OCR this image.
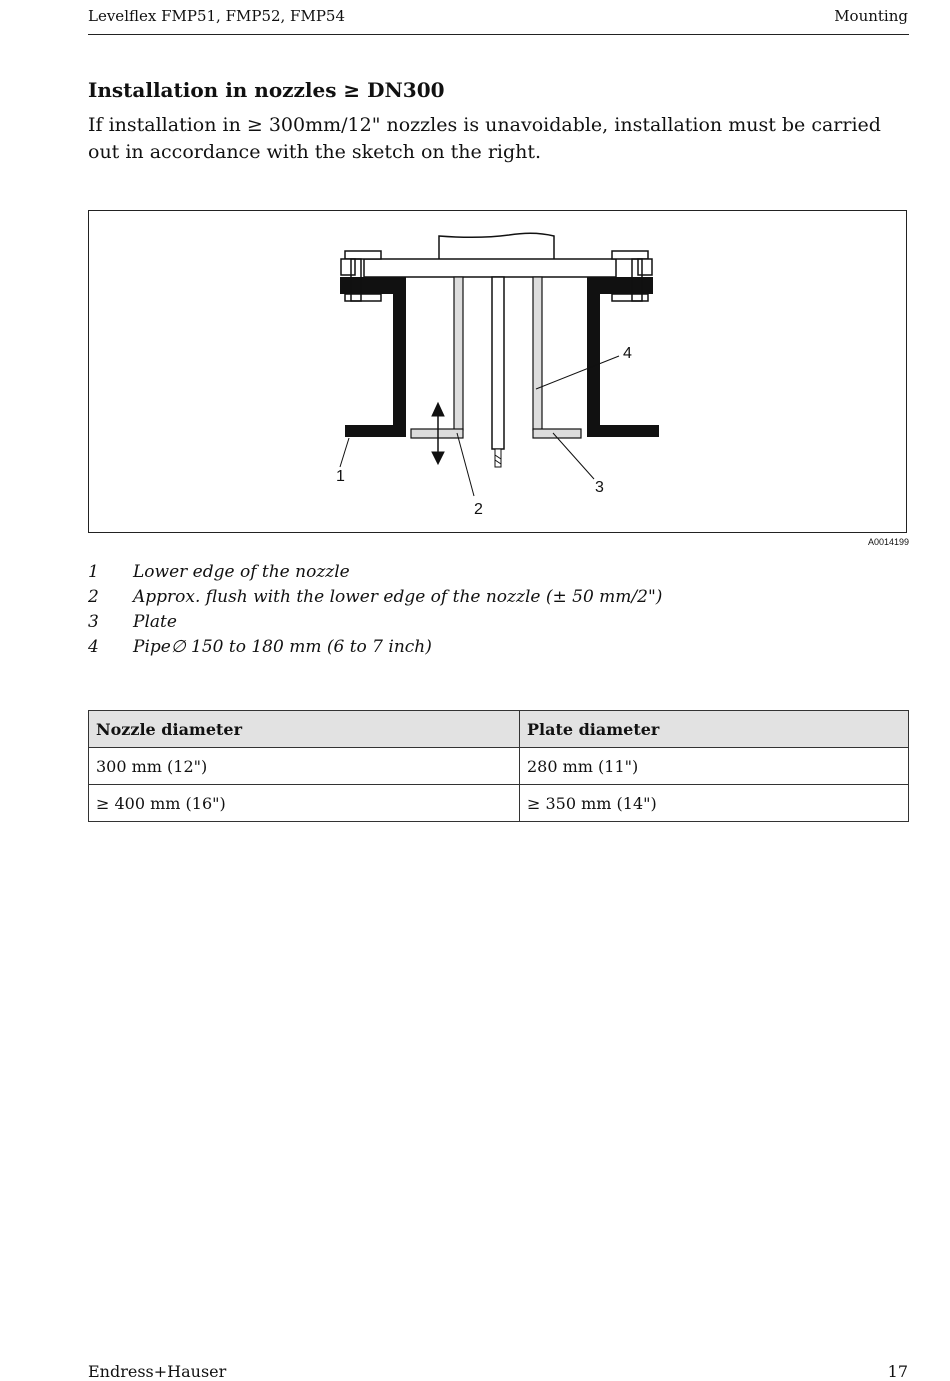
Levelflex FMP51, FMP52, FMP54	Mounting
Installation in nozzles ≥ DN300

If installation in ≥ 300mm/12" nozzles is unavoidable, installation must be carried out in accordance with the sketch on the right.

1
2
3
4
A0014199
1	Lower edge of the nozzle
2	Approx. flush with the lower edge of the nozzle (± 50 mm/2")
3	Plate
4	Pipe∅ 150 to 180 mm (6 to 7 inch)
Nozzle diameter	Plate diameter
300 mm (12")	280 mm (11")
≥ 400 mm (16")	≥ 350 mm (14")
Endress+Hauser	17
